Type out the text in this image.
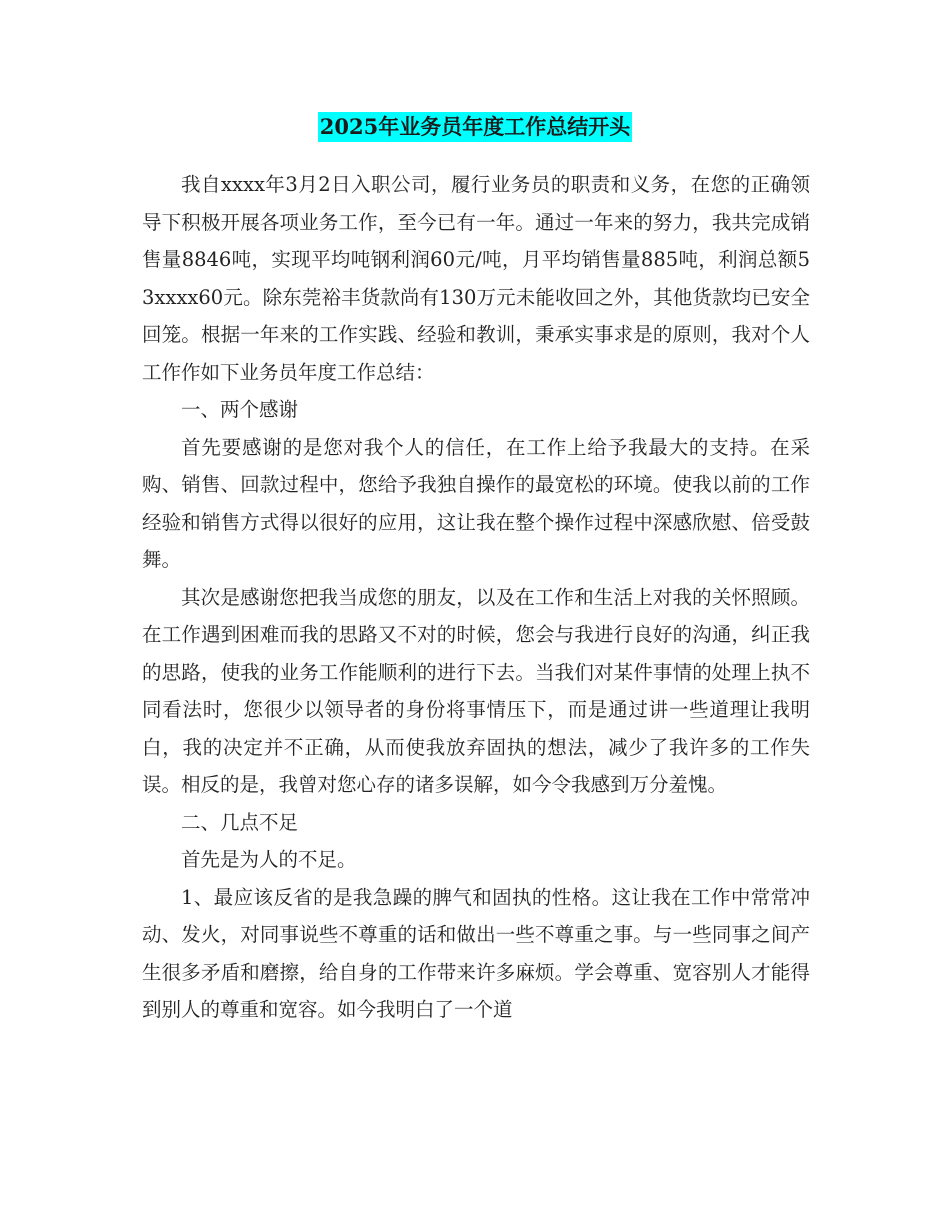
2025年业务员年度工作总结开头

我自xxxx年3月2日入职公司，履行业务员的职责和义务，在您的正确领导下积极开展各项业务工作，至今已有一年。通过一年来的努力，我共完成销售量8846吨，实现平均吨钢利润60元/吨，月平均销售量885吨，利润总额53xxxx60元。除东莞裕丰货款尚有130万元未能收回之外，其他货款均已安全回笼。根据一年来的工作实践、经验和教训，秉承实事求是的原则，我对个人工作作如下业务员年度工作总结：

一、两个感谢

首先要感谢的是您对我个人的信任，在工作上给予我最大的支持。在采购、销售、回款过程中，您给予我独自操作的最宽松的环境。使我以前的工作经验和销售方式得以很好的应用，这让我在整个操作过程中深感欣慰、倍受鼓舞。

其次是感谢您把我当成您的朋友，以及在工作和生活上对我的关怀照顾。在工作遇到困难而我的思路又不对的时候，您会与我进行良好的沟通，纠正我的思路，使我的业务工作能顺利的进行下去。当我们对某件事情的处理上执不同看法时，您很少以领导者的身份将事情压下，而是通过讲一些道理让我明白，我的决定并不正确，从而使我放弃固执的想法，减少了我许多的工作失误。相反的是，我曾对您心存的诸多误解，如今令我感到万分羞愧。

二、几点不足

首先是为人的不足。

1、最应该反省的是我急躁的脾气和固执的性格。这让我在工作中常常冲动、发火，对同事说些不尊重的话和做出一些不尊重之事。与一些同事之间产生很多矛盾和磨擦，给自身的工作带来许多麻烦。学会尊重、宽容别人才能得到别人的尊重和宽容。如今我明白了一个道
